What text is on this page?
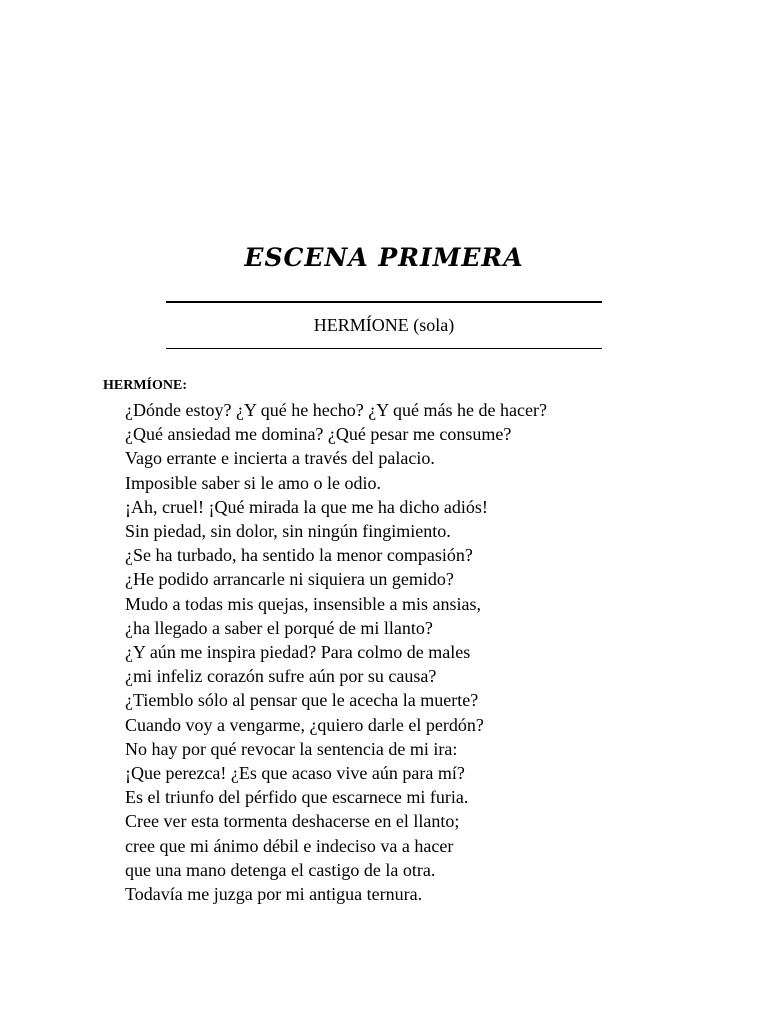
ESCENA PRIMERA
HERMÍONE (sola)
HERMÍONE:
¿Dónde estoy? ¿Y qué he hecho? ¿Y qué más he de hacer?
¿Qué ansiedad me domina? ¿Qué pesar me consume?
Vago errante e incierta a través del palacio.
Imposible saber si le amo o le odio.
¡Ah, cruel! ¡Qué mirada la que me ha dicho adiós!
Sin piedad, sin dolor, sin ningún fingimiento.
¿Se ha turbado, ha sentido la menor compasión?
¿He podido arrancarle ni siquiera un gemido?
Mudo a todas mis quejas, insensible a mis ansias,
¿ha llegado a saber el porqué de mi llanto?
¿Y aún me inspira piedad? Para colmo de males
¿mi infeliz corazón sufre aún por su causa?
¿Tiemblo sólo al pensar que le acecha la muerte?
Cuando voy a vengarme, ¿quiero darle el perdón?
No hay por qué revocar la sentencia de mi ira:
¡Que perezca! ¿Es que acaso vive aún para mí?
Es el triunfo del pérfido que escarnece mi furia.
Cree ver esta tormenta deshacerse en el llanto;
cree que mi ánimo débil e indeciso va a hacer
que una mano detenga el castigo de la otra.
Todavía me juzga por mi antigua ternura.
